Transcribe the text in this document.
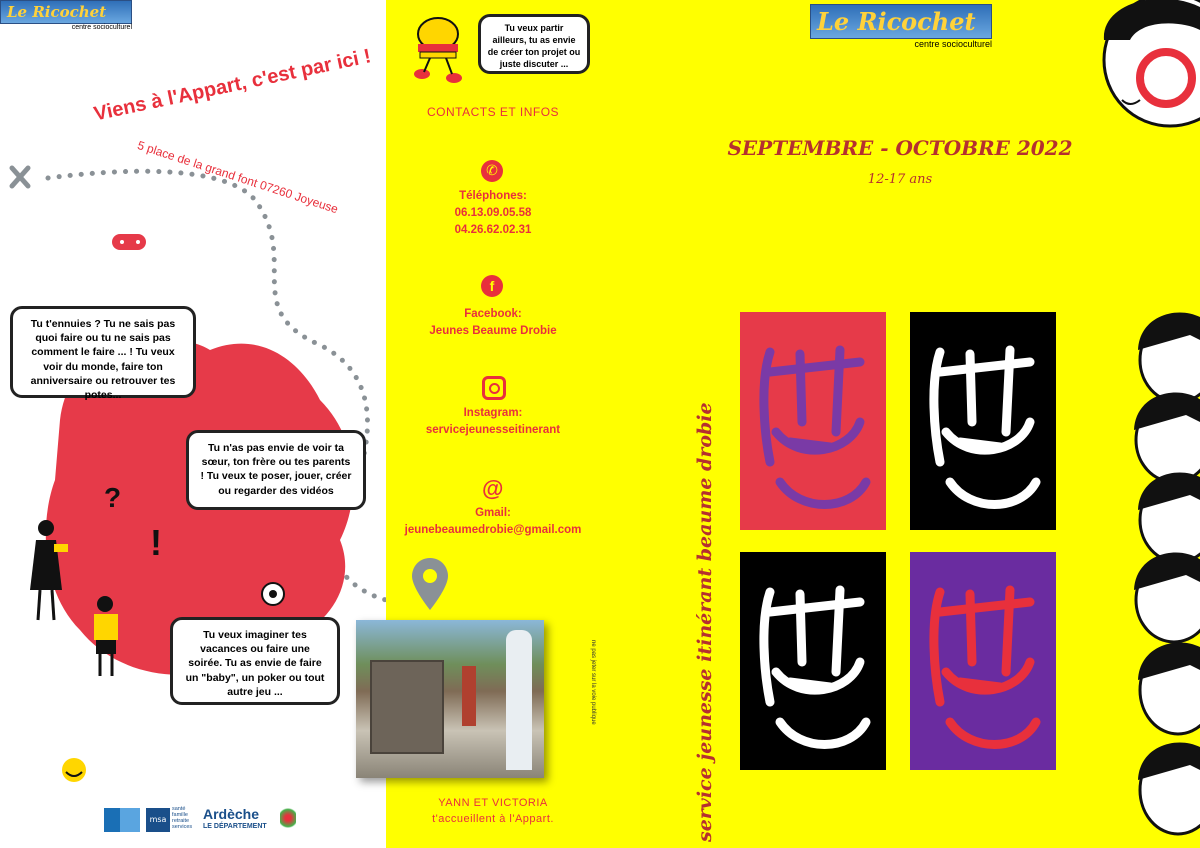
Le Ricochet
centre socioculturel
Viens à l'Appart, c'est par ici !
5 place de la grand font 07260 Joyeuse
?
!
Tu t'ennuies ? Tu ne sais pas quoi faire ou tu ne sais pas comment le faire ... ! Tu veux voir du monde, faire ton anniversaire ou retrouver tes potes...
Tu n'as pas envie de voir ta sœur, ton frère ou tes parents ! Tu veux te poser, jouer, créer ou regarder des vidéos
Tu veux imaginer tes vacances ou faire une soirée. Tu as envie de faire un "baby", un poker ou tout autre jeu ...
msa
santé famille retraite services
Ardèche
LE DÉPARTEMENT
Tu veux partir ailleurs, tu as envie de créer ton projet ou juste discuter ...
CONTACTS ET INFOS
✆
Téléphones:
06.13.09.05.58
04.26.62.02.31
f
Facebook:
Jeunes Beaume Drobie
Instagram:
servicejeunesseitinerant
@
Gmail:
jeunebeaumedrobie@gmail.com
ne pas jeter sur la voie publique
YANN ET VICTORIA
t'accueillent à l'Appart.
Le Ricochet
centre socioculturel
SEPTEMBRE - OCTOBRE 2022
12-17 ans
service jeunesse itinérant beaume drobie
